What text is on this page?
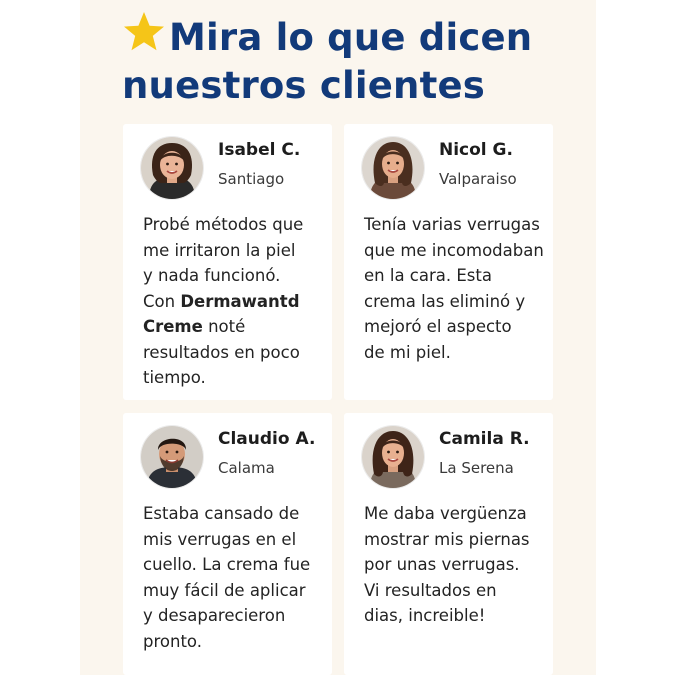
Mira lo que dicen
nuestros clientes
Isabel C.
Santiago
Probé métodos que
me irritaron la piel
y nada funcionó.
Con Dermawantd
Creme noté
resultados en poco
tiempo.
Nicol G.
Valparaiso
Tenía varias verrugas
que me incomodaban
en la cara. Esta
crema las eliminó y
mejoró el aspecto
de mi piel.
Claudio A.
Calama
Estaba cansado de
mis verrugas en el
cuello. La crema fue
muy fácil de aplicar
y desaparecieron
pronto.
Camila R.
La Serena
Me daba vergüenza
mostrar mis piernas
por unas verrugas.
Vi resultados en
dias, increible!
